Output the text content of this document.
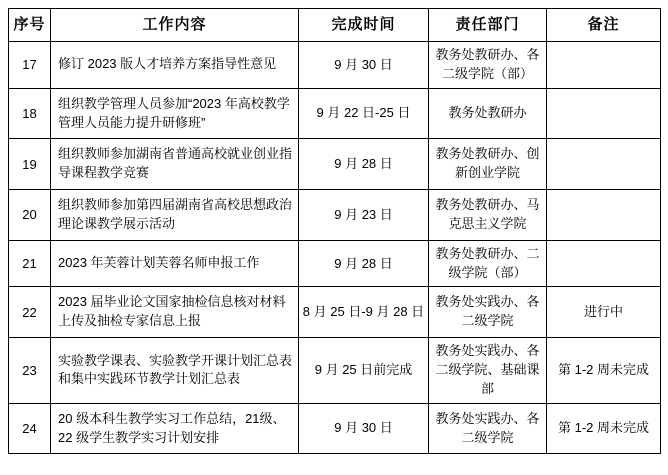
序号	工作内容	完成时间	责任部门	备注
17	修订 2023 版人才培养方案指导性意见	9 月 30 日	教务处教研办、各二级学院（部）	
18	组织教学管理人员参加“2023 年高校教学管理人员能力提升研修班”	9 月 22 日-25 日	教务处教研办	
19	组织教师参加湖南省普通高校就业创业指导课程教学竞赛	9 月 28 日	教务处教研办、创新创业学院	
20	组织教师参加第四届湖南省高校思想政治理论课教学展示活动	9 月 23 日	教务处教研办、马克思主义学院	
21	2023 年芙蓉计划芙蓉名师申报工作	9 月 28 日	教务处教研办、二级学院（部）	
22	2023 届毕业论文国家抽检信息核对材料上传及抽检专家信息上报	8 月 25 日-9 月 28 日	教务处实践办、各二级学院	进行中
23	实验教学课表、实验教学开课计划汇总表和集中实践环节教学计划汇总表	9 月 25 日前完成	教务处实践办、各二级学院、基础课部	第 1-2 周未完成
24	20 级本科生教学实习工作总结，21级、22 级学生教学实习计划安排	9 月 30 日	教务处实践办、各二级学院	第 1-2 周未完成
